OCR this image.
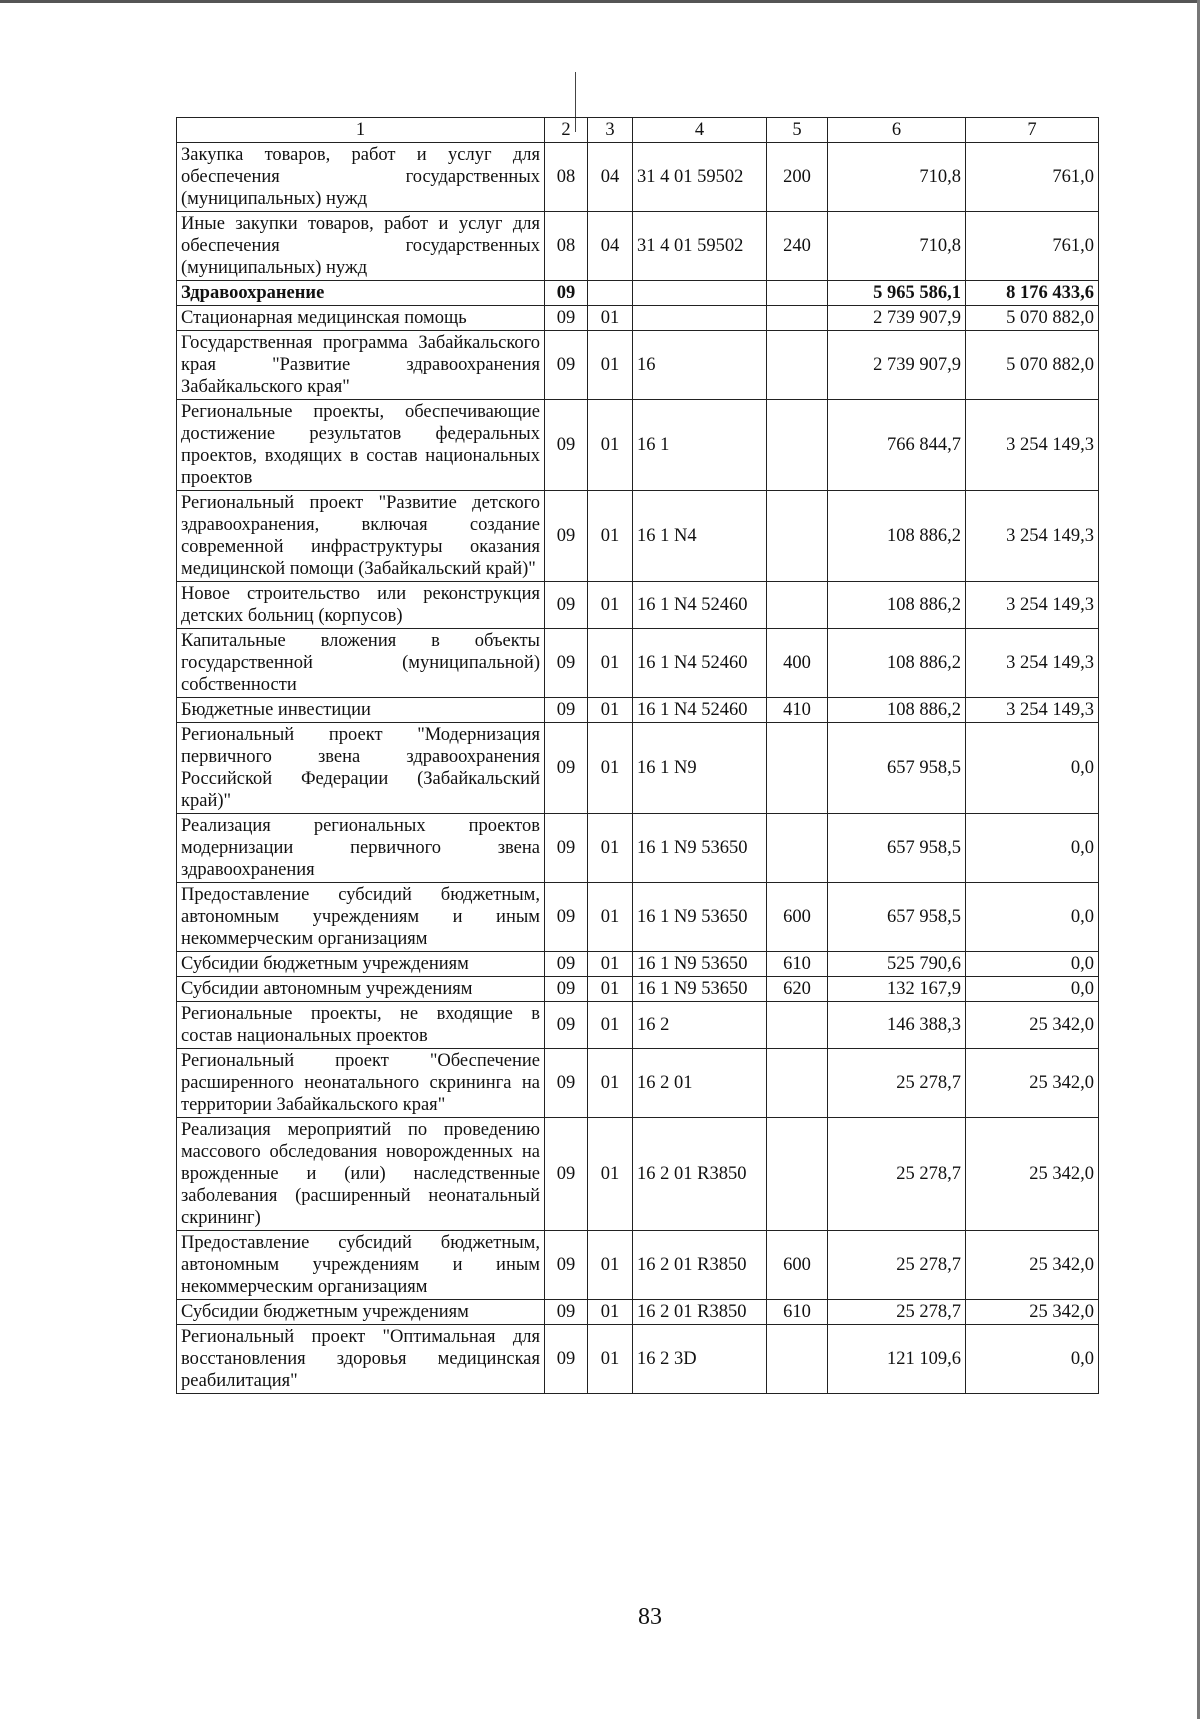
1	2	3	4	5	6	7
Закупка товаров, работ и услуг для обеспечения государственных (муниципальных) нужд	08	04	31 4 01 59502	200	710,8	761,0
Иные закупки товаров, работ и услуг для обеспечения государственных (муниципальных) нужд	08	04	31 4 01 59502	240	710,8	761,0
Здравоохранение	09				5 965 586,1	8 176 433,6
Стационарная медицинская помощь	09	01			2 739 907,9	5 070 882,0
Государственная программа Забайкальского края "Развитие здравоохранения Забайкальского края"	09	01	16		2 739 907,9	5 070 882,0
Региональные проекты, обеспечивающие достижение результатов федеральных проектов, входящих в состав национальных проектов	09	01	16 1		766 844,7	3 254 149,3
Региональный проект "Развитие детского здравоохранения, включая создание современной инфраструктуры оказания медицинской помощи (Забайкальский край)"	09	01	16 1 N4		108 886,2	3 254 149,3
Новое строительство или реконструкция детских больниц (корпусов)	09	01	16 1 N4 52460		108 886,2	3 254 149,3
Капитальные вложения в объекты государственной (муниципальной) собственности	09	01	16 1 N4 52460	400	108 886,2	3 254 149,3
Бюджетные инвестиции	09	01	16 1 N4 52460	410	108 886,2	3 254 149,3
Региональный проект "Модернизация первичного звена здравоохранения Российской Федерации (Забайкальский край)"	09	01	16 1 N9		657 958,5	0,0
Реализация региональных проектов модернизации первичного звена здравоохранения	09	01	16 1 N9 53650		657 958,5	0,0
Предоставление субсидий бюджетным, автономным учреждениям и иным некоммерческим организациям	09	01	16 1 N9 53650	600	657 958,5	0,0
Субсидии бюджетным учреждениям	09	01	16 1 N9 53650	610	525 790,6	0,0
Субсидии автономным учреждениям	09	01	16 1 N9 53650	620	132 167,9	0,0
Региональные проекты, не входящие в состав национальных проектов	09	01	16 2		146 388,3	25 342,0
Региональный проект "Обеспечение расширенного неонатального скрининга на территории Забайкальского края"	09	01	16 2 01		25 278,7	25 342,0
Реализация мероприятий по проведению массового обследования новорожденных на врожденные и (или) наследственные заболевания (расширенный неонатальный скрининг)	09	01	16 2 01 R3850		25 278,7	25 342,0
Предоставление субсидий бюджетным, автономным учреждениям и иным некоммерческим организациям	09	01	16 2 01 R3850	600	25 278,7	25 342,0
Субсидии бюджетным учреждениям	09	01	16 2 01 R3850	610	25 278,7	25 342,0
Региональный проект "Оптимальная для восстановления здоровья медицинская реабилитация"	09	01	16 2 3D		121 109,6	0,0
83
